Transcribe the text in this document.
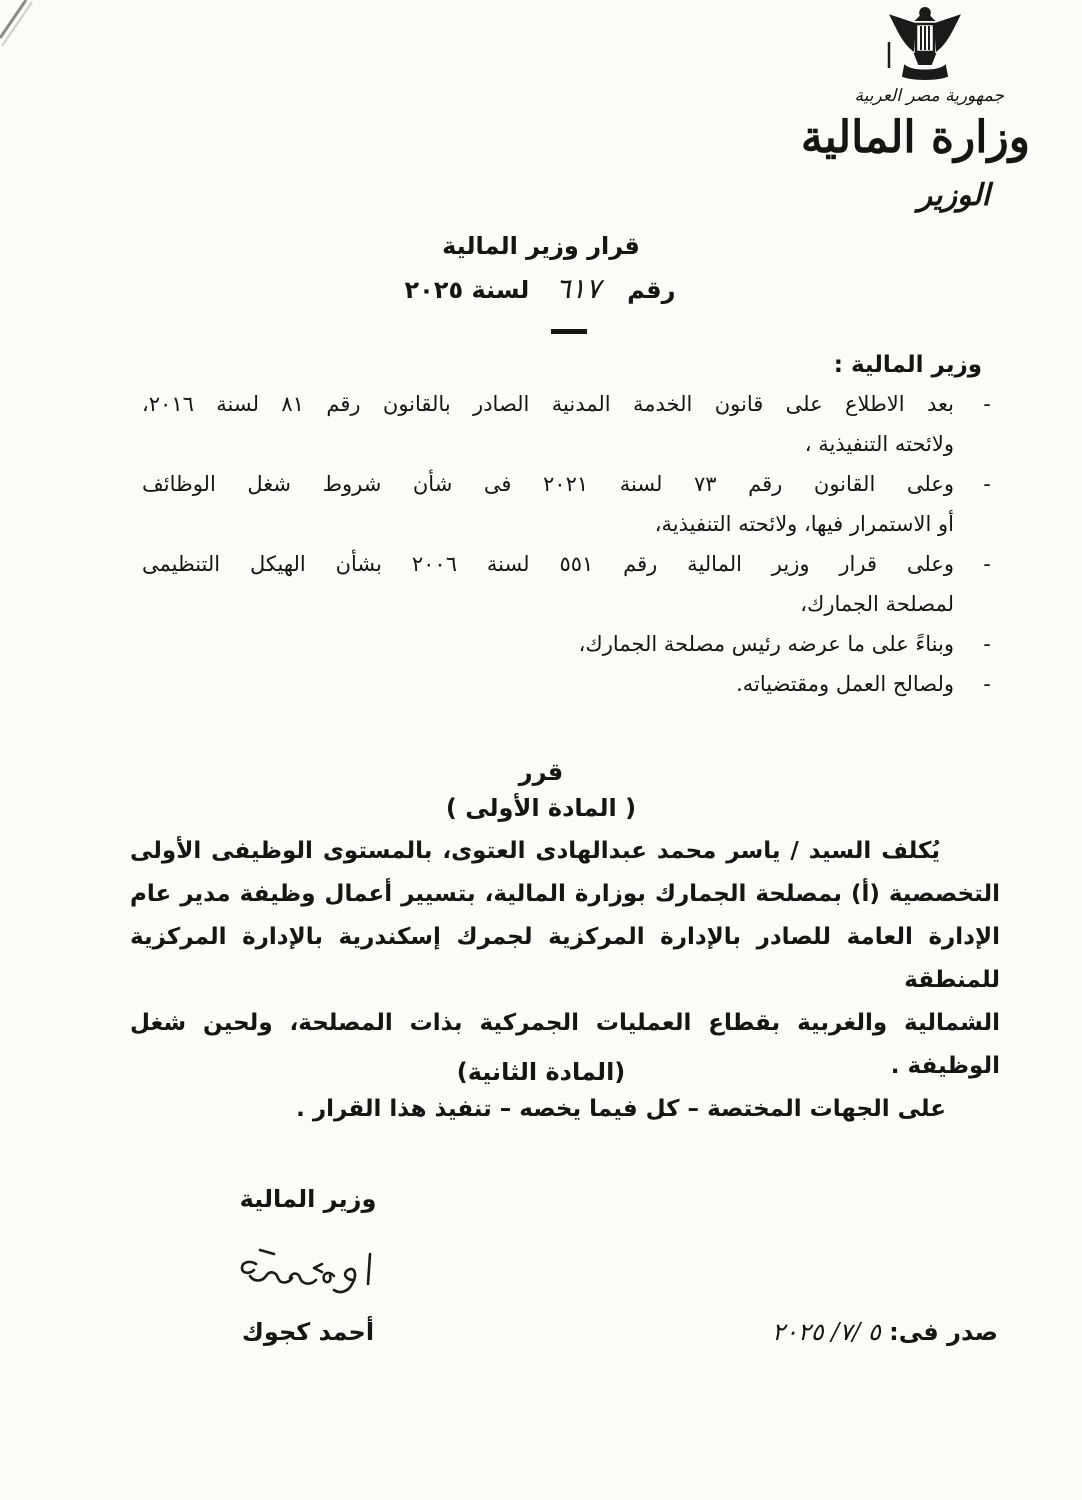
جمهورية مصر العربية
وزارة المالية
الوزير
قرار وزير المالية
رقم ٦١٧ لسنة ٢٠٢٥
وزير المالية :
-
بعد الاطلاع على قانون الخدمة المدنية الصادر بالقانون رقم ٨١ لسنة ٢٠١٦،
ولائحته التنفيذية ،
-
وعلى القانون رقم ٧٣ لسنة ٢٠٢١ فى شأن شروط شغل الوظائف
أو الاستمرار فيها، ولائحته التنفيذية،
-
وعلى قرار وزير المالية رقم ٥٥١ لسنة ٢٠٠٦ بشأن الهيكل التنظيمى
لمصلحة الجمارك،
-
وبناءً على ما عرضه رئيس مصلحة الجمارك،
-
ولصالح العمل ومقتضياته.
قرر
( المادة الأولى )

يُكلف السيد / ياسر محمد عبدالهادى العتوى، بالمستوى الوظيفى الأولى
التخصصية (أ) بمصلحة الجمارك بوزارة المالية، بتسيير أعمال وظيفة مدير عام
الإدارة العامة للصادر بالإدارة المركزية لجمرك إسكندرية بالإدارة المركزية للمنطقة
الشمالية والغربية بقطاع العمليات الجمركية بذات المصلحة، ولحين شغل الوظيفة .

(المادة الثانية)
على الجهات المختصة – كل فيما يخصه – تنفيذ هذا القرار .
وزير المالية
أحمد كجوك	صدر فى: ٥ /٧/ ٢٠٢٥
